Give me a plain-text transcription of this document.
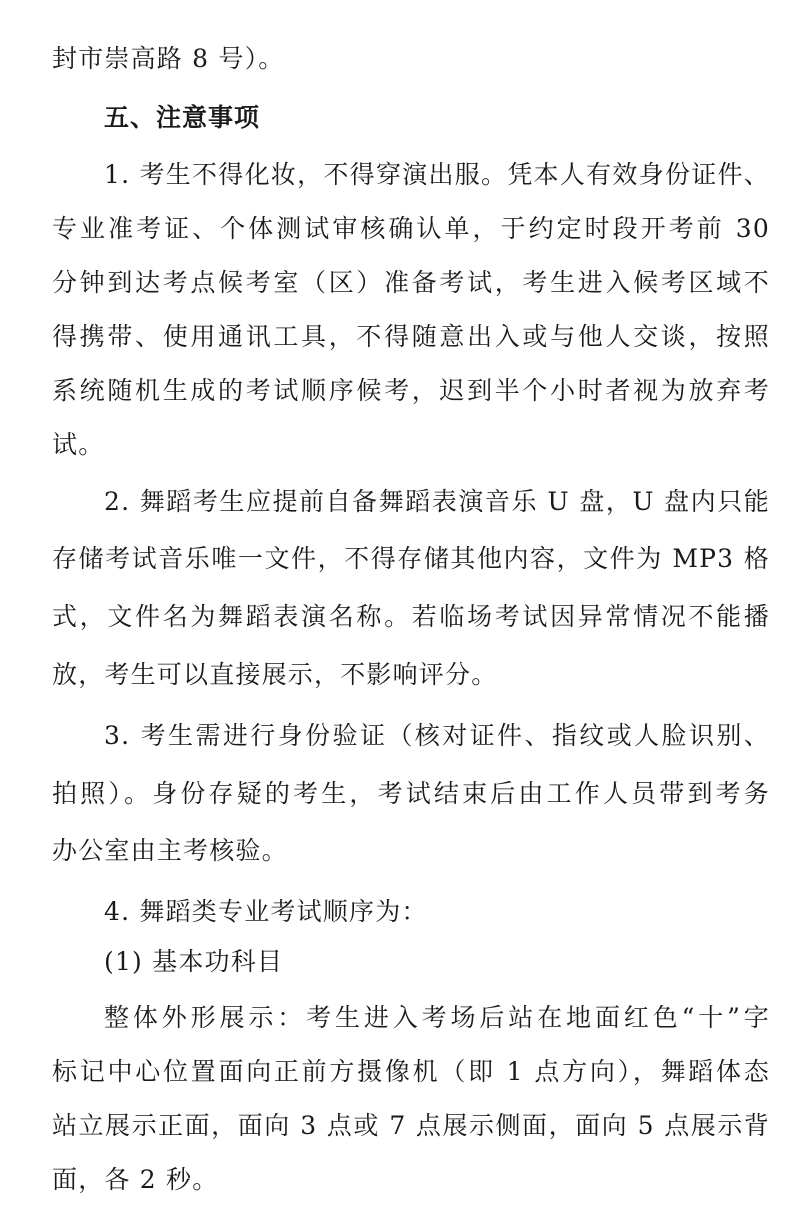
封市崇高路 8 号）。
五、注意事项
1. 考生不得化妆，不得穿演出服。凭本人有效身份证件、
专业准考证、个体测试审核确认单，于约定时段开考前 30
分钟到达考点候考室（区）准备考试，考生进入候考区域不
得携带、使用通讯工具，不得随意出入或与他人交谈，按照
系统随机生成的考试顺序候考，迟到半个小时者视为放弃考
试。
2. 舞蹈考生应提前自备舞蹈表演音乐 U 盘，U 盘内只能
存储考试音乐唯一文件，不得存储其他内容，文件为 MP3 格
式，文件名为舞蹈表演名称。若临场考试因异常情况不能播
放，考生可以直接展示，不影响评分。
3. 考生需进行身份验证（核对证件、指纹或人脸识别、
拍照）。身份存疑的考生，考试结束后由工作人员带到考务
办公室由主考核验。
4. 舞蹈类专业考试顺序为：
(1) 基本功科目
整体外形展示：考生进入考场后站在地面红色“十”字
标记中心位置面向正前方摄像机（即 1 点方向），舞蹈体态
站立展示正面，面向 3 点或 7 点展示侧面，面向 5 点展示背
面，各 2 秒。
